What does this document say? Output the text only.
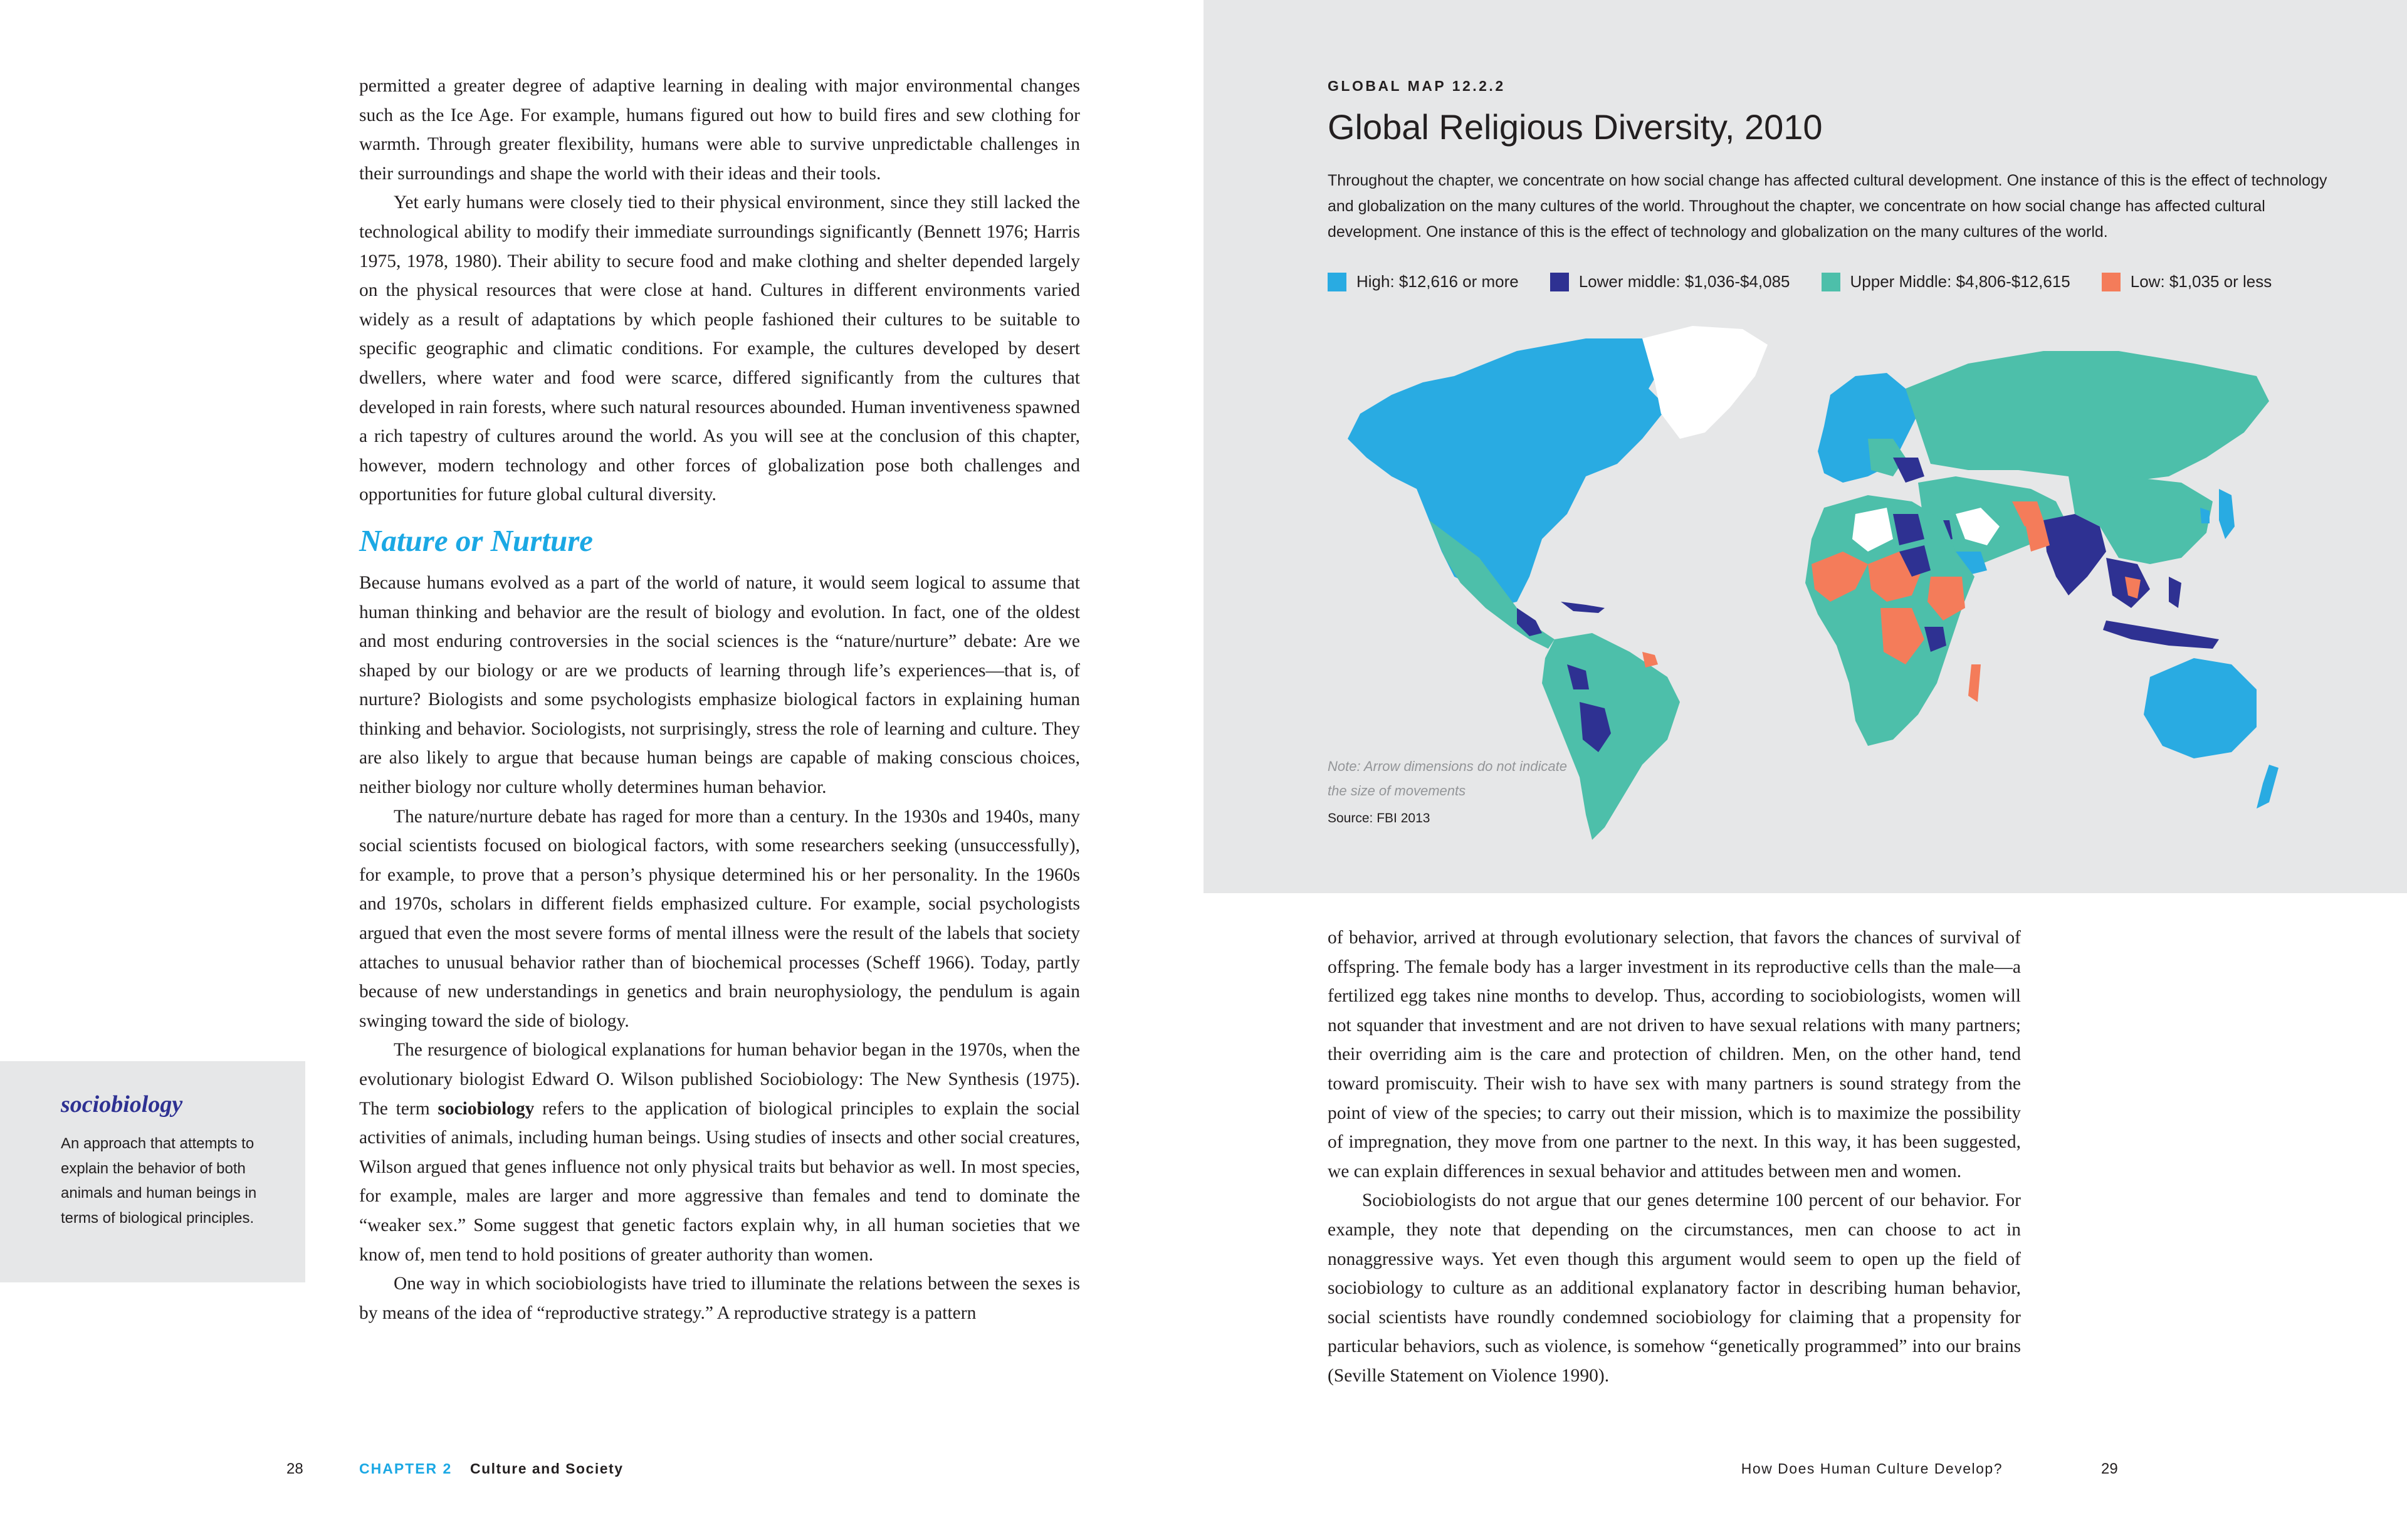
permitted a greater degree of adaptive learning in dealing with major environmental changes such as the Ice Age. For example, humans figured out how to build fires and sew clothing for warmth. Through greater flexibility, humans were able to survive unpredictable challenges in their surroundings and shape the world with their ideas and their tools.

Yet early humans were closely tied to their physical environment, since they still lacked the technological ability to modify their immediate surroundings significantly (Bennett 1976; Harris 1975, 1978, 1980). Their ability to secure food and make clothing and shelter depended largely on the physical resources that were close at hand. Cultures in different environments varied widely as a result of adaptations by which people fashioned their cultures to be suitable to specific geographic and climatic conditions. For example, the cultures developed by desert dwellers, where water and food were scarce, differed significantly from the cultures that developed in rain forests, where such natural resources abounded. Human inventiveness spawned a rich tapestry of cultures around the world. As you will see at the conclusion of this chapter, however, modern technology and other forces of globalization pose both challenges and opportunities for future global cultural diversity.

Nature or Nurture

Because humans evolved as a part of the world of nature, it would seem logical to assume that human thinking and behavior are the result of biology and evolution. In fact, one of the oldest and most enduring controversies in the social sciences is the “nature/nurture” debate: Are we shaped by our biology or are we products of learning through life’s experiences—that is, of nurture? Biologists and some psychologists emphasize biological factors in explaining human thinking and behavior. Sociologists, not surprisingly, stress the role of learning and culture. They are also likely to argue that because human beings are capable of making conscious choices, neither biology nor culture wholly determines human behavior.

The nature/nurture debate has raged for more than a century. In the 1930s and 1940s, many social scientists focused on biological factors, with some researchers seeking (unsuccessfully), for example, to prove that a person’s physique determined his or her personality. In the 1960s and 1970s, scholars in different fields emphasized culture. For example, social psychologists argued that even the most severe forms of mental illness were the result of the labels that society attaches to unusual behavior rather than of biochemical processes (Scheff 1966). Today, partly because of new understandings in genetics and brain neurophysiology, the pendulum is again swinging toward the side of biology.

The resurgence of biological explanations for human behavior began in the 1970s, when the evolutionary biologist Edward O. Wilson published Sociobiology: The New Synthesis (1975). The term sociobiology refers to the application of biological principles to explain the social activities of animals, including human beings. Using studies of insects and other social creatures, Wilson argued that genes influence not only physical traits but behavior as well. In most species, for example, males are larger and more aggressive than females and tend to dominate the “weaker sex.” Some suggest that genetic factors explain why, in all human societies that we know of, men tend to hold positions of greater authority than women.

One way in which sociobiologists have tried to illuminate the relations between the sexes is by means of the idea of “reproductive strategy.” A reproductive strategy is a pattern

sociobiology
An approach that attempts to explain the behavior of both animals and human beings in terms of biological principles.
GLOBAL MAP 12.2.2
Global Religious Diversity, 2010
Throughout the chapter, we concentrate on how social change has affected cultural development. One instance of this is the effect of technology and globalization on the many cultures of the world. Throughout the chapter, we concentrate on how social change has affected cultural development. One instance of this is the effect of technology and globalization on the many cultures of the world.
High: $12,616 or more	Lower middle: $1,036-$4,085	Upper Middle: $4,806-$12,615	Low: $1,035 or less
Note: Arrow dimensions do not indicate the size of movements
Source: FBI 2013

of behavior, arrived at through evolutionary selection, that favors the chances of survival of offspring. The female body has a larger investment in its reproductive cells than the male—a fertilized egg takes nine months to develop. Thus, according to sociobiologists, women will not squander that investment and are not driven to have sexual relations with many partners; their overriding aim is the care and protection of children. Men, on the other hand, tend toward promiscuity. Their wish to have sex with many partners is sound strategy from the point of view of the species; to carry out their mission, which is to maximize the possibility of impregnation, they move from one partner to the next. In this way, it has been suggested, we can explain differences in sexual behavior and attitudes between men and women.

Sociobiologists do not argue that our genes determine 100 percent of our behavior. For example, they note that depending on the circumstances, men can choose to act in nonaggressive ways. Yet even though this argument would seem to open up the field of sociobiology to culture as an additional explanatory factor in describing human behavior, social scientists have roundly condemned sociobiology for claiming that a propensity for particular behaviors, such as violence, is somehow “genetically programmed” into our brains (Seville Statement on Violence 1990).

28	CHAPTER 2 Culture and Society	How Does Human Culture Develop?	29
